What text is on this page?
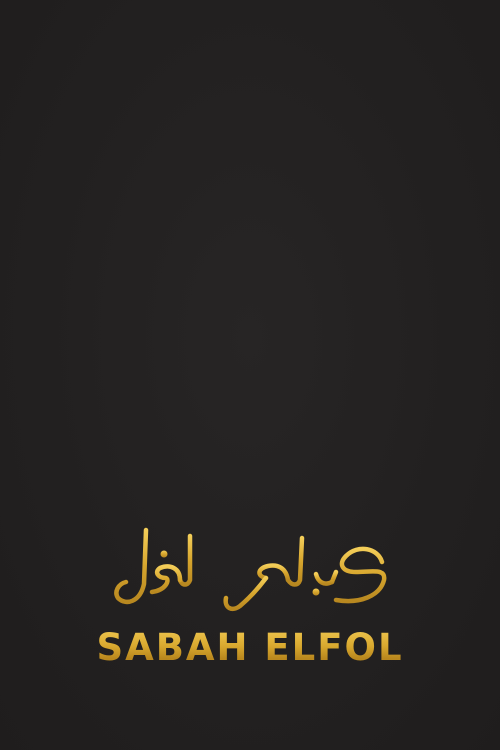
SABAH ELFOL
